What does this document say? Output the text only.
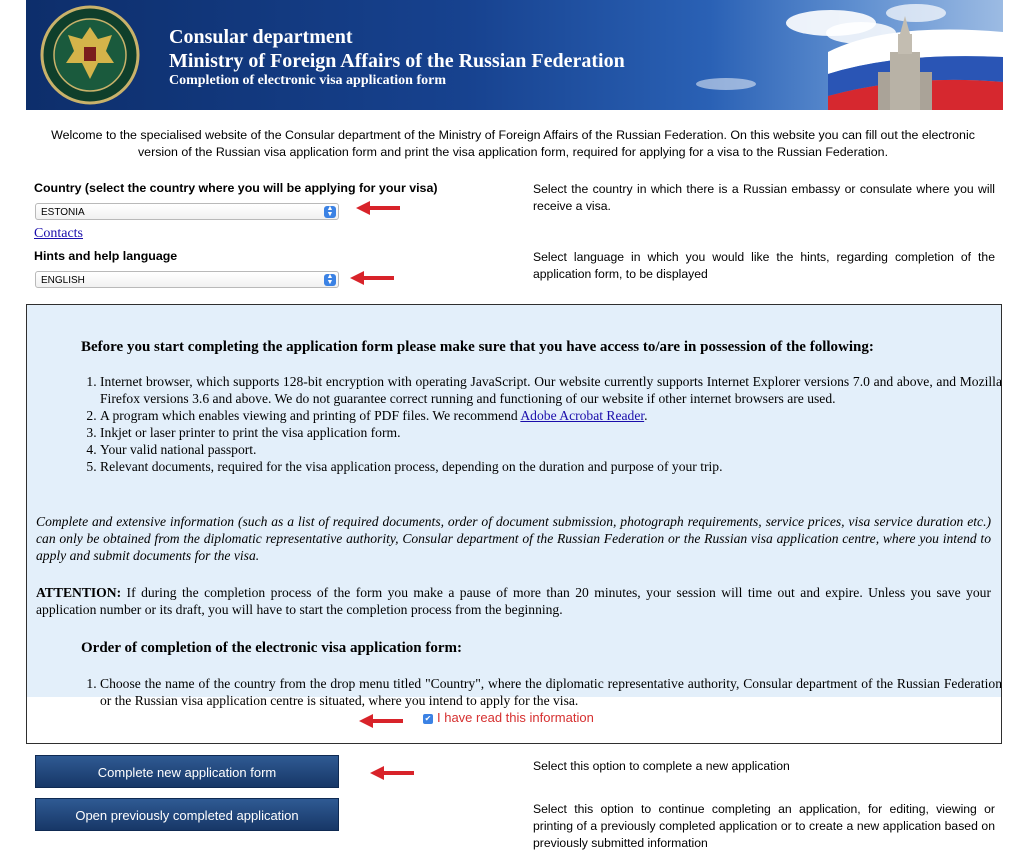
Consular department
Ministry of Foreign Affairs of the Russian Federation
Completion of electronic visa application form
Welcome to the specialised website of the Consular department of the Ministry of Foreign Affairs of the Russian Federation. On this website you can fill out the electronic version of the Russian visa application form and print the visa application form, required for applying for a visa to the Russian Federation.
Country (select the country where you will be applying for your visa)
ESTONIA	▲
▼
Select the country in which there is a Russian embassy or consulate where you will receive a visa.
Contacts
Hints and help language
ENGLISH	▲
▼
Select language in which you would like the hints, regarding completion of the application form, to be displayed
Before you start completing the application form please make sure that you have access to/are in possession of the following:
1. Internet browser, which supports 128-bit encryption with operating JavaScript. Our website currently supports Internet Explorer versions 7.0 and above, and Mozilla Firefox versions 3.6 and above. We do not guarantee correct running and functioning of our website if other internet browsers are used.
2. A program which enables viewing and printing of PDF files. We recommend Adobe Acrobat Reader.
3. Inkjet or laser printer to print the visa application form.
4. Your valid national passport.
5. Relevant documents, required for the visa application process, depending on the duration and purpose of your trip.

Complete and extensive information (such as a list of required documents, order of document submission, photograph requirements, service prices, visa service duration etc.) can only be obtained from the diplomatic representative authority, Consular department of the Russian Federation or the Russian visa application centre, where you intend to apply and submit documents for the visa.

ATTENTION: If during the completion process of the form you make a pause of more than 20 minutes, your session will time out and expire. Unless you save your application number or its draft, you will have to start the completion process from the beginning.

Order of completion of the electronic visa application form:
1. Choose the name of the country from the drop menu titled "Country", where the diplomatic representative authority, Consular department of the Russian Federation or the Russian visa application centre is situated, where you intend to apply for the visa.
✔ I have read this information
Complete new application form	Select this option to complete a new application
Open previously completed application	Select this option to continue completing an application, for editing, viewing or printing of a previously completed application or to create a new application based on previously submitted information
